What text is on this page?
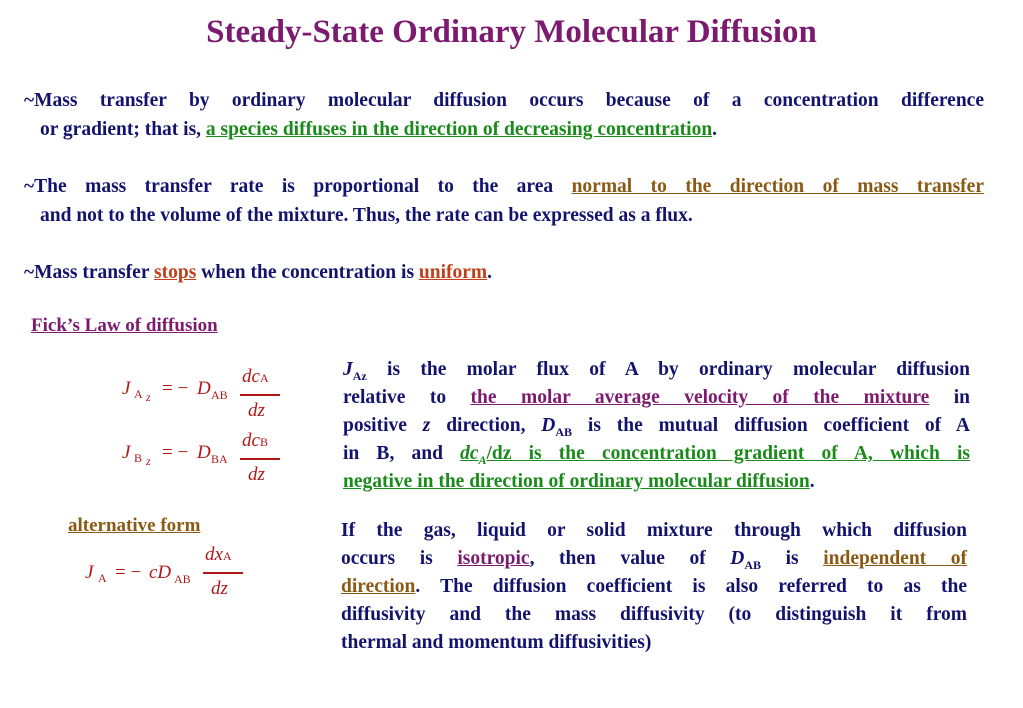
Steady-State Ordinary Molecular Diffusion
~Mass transfer by ordinary molecular diffusion occurs because of a concentration difference
or gradient; that is, a species diffuses in the direction of decreasing concentration.
~The mass transfer rate is proportional to the area normal to the direction of mass transfer
and not to the volume of the mixture. Thus, the rate can be expressed as a flux.
~Mass transfer stops when the concentration is uniform.
Fick’s Law of diffusion
J A z = − D AB
dcA
dz
J B z = − D BA
dcB
dz
alternative form
J A = − cD AB
dxA
dz
$J_{Az}$ is the molar flux of A by ordinary molecular diffusion
relative to the molar average velocity of the mixture in
positive z direction, $D_{AB}$ is the mutual diffusion coefficient of A
in B, and $dc_A/dz$ is the concentration gradient of A, which is
negative in the direction of ordinary molecular diffusion.
If the gas, liquid or solid mixture through which diffusion
occurs is isotropic, then value of $D_{AB}$ is independent of
direction. The diffusion coefficient is also referred to as the
diffusivity and the mass diffusivity (to distinguish it from
thermal and momentum diffusivities)
